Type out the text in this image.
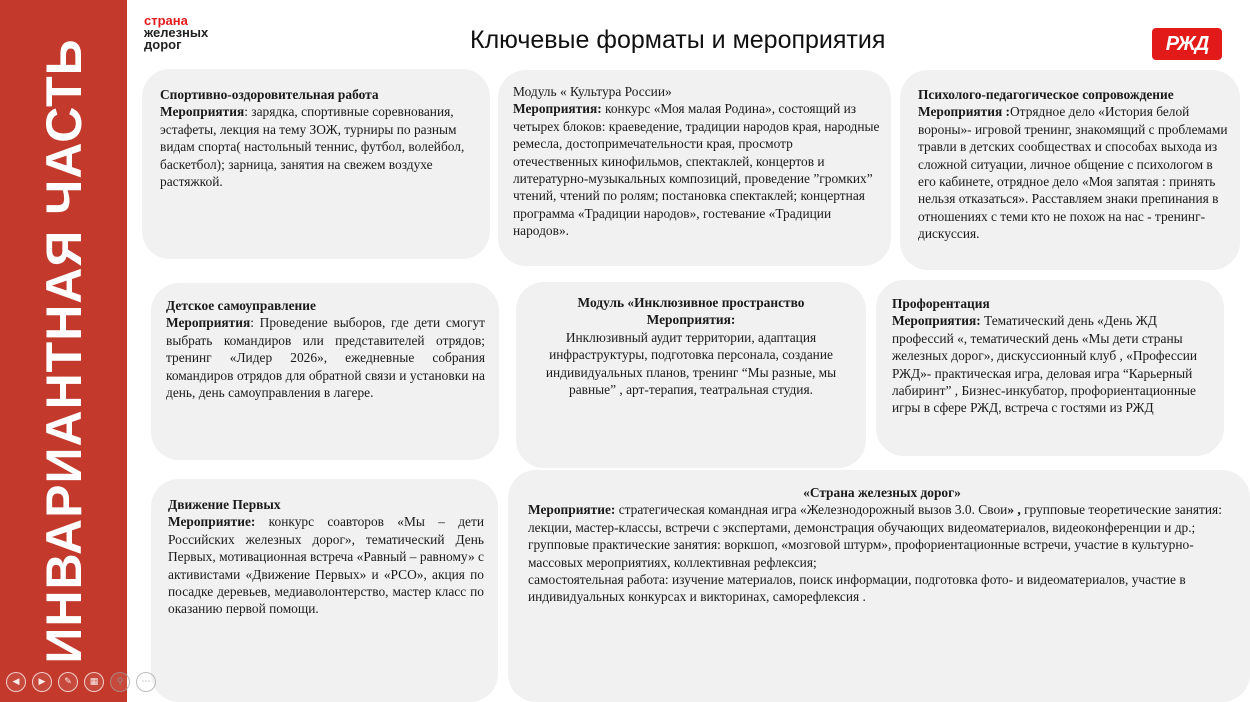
ИНВАРИАНТНАЯ ЧАСТЬ
страна
железных
дорог	Ключевые форматы и мероприятия	РЖД
Спортивно-оздоровительная работа
Мероприятия: зарядка, спортивные соревнования, эстафеты, лекция на тему ЗОЖ, турниры по разным видам спорта( настольный теннис, футбол, волейбол, баскетбол); зарница, занятия на свежем воздухе растяжкой.
Модуль « Культура России»
Мероприятия: конкурс «Моя малая Родина», состоящий из четырех блоков: краеведение, традиции народов края, народные ремесла, достопримечательности края, просмотр отечественных кинофильмов, спектаклей, концертов и литературно-музыкальных композиций, проведение ”громких” чтений, чтений по ролям; постановка спектаклей; концертная программа «Традиции народов», гостевание «Традиции народов».
Психолого-педагогическое сопровождение
Мероприятия :Отрядное дело «История белой вороны»- игровой тренинг, знакомящий с проблемами травли в детских сообществах и способах выхода из сложной ситуации, личное общение с психологом в его кабинете, отрядное дело «Моя запятая : принять нельзя отказаться». Расставляем знаки препинания в отношениях с теми кто не похож на нас - тренинг-дискуссия.
Детское самоуправление
Мероприятия: Проведение выборов, где дети смогут выбрать командиров или представителей отрядов; тренинг «Лидер 2026», ежедневные собрания командиров отрядов для обратной связи и установки на день, день самоуправления в лагере.
Модуль «Инклюзивное пространство
Мероприятия:
Инклюзивный аудит территории, адаптация инфраструктуры, подготовка персонала, создание индивидуальных планов, тренинг “Мы разные, мы равные” , арт-терапия, театральная студия.
Профорентация
Мероприятия: Тематический день «День ЖД профессий «, тематический день «Мы дети страны железных дорог», дискуссионный клуб , «Профессии РЖД»- практическая игра, деловая игра “Карьерный лабиринт” , Бизнес-инкубатор, профориентационные игры в сфере РЖД, встреча с гостями из РЖД
Движение Первых
Мероприятие: конкурс соавторов «Мы – дети Российских железных дорог», тематический День Первых, мотивационная встреча «Равный – равному» с активистами «Движение Первых» и «РСО», акция по посадке деревьев, медиаволонтерство, мастер класс по оказанию первой помощи.
«Страна железных дорог»
Мероприятие: стратегическая командная игра «Железнодорожный вызов 3.0. Свои» , групповые теоретические занятия: лекции, мастер-классы, встречи с экспертами, демонстрация обучающих видеоматериалов, видеоконференции и др.;
групповые практические занятия: воркшоп, «мозговой штурм», профориентационные встречи, участие в культурно-массовых мероприятиях, коллективная рефлексия;
самостоятельная работа: изучение материалов, поиск информации, подготовка фото- и видеоматериалов, участие в индивидуальных конкурсах и викторинах, саморефлексия .
◀	▶	✎	▦	⚲	⋯
